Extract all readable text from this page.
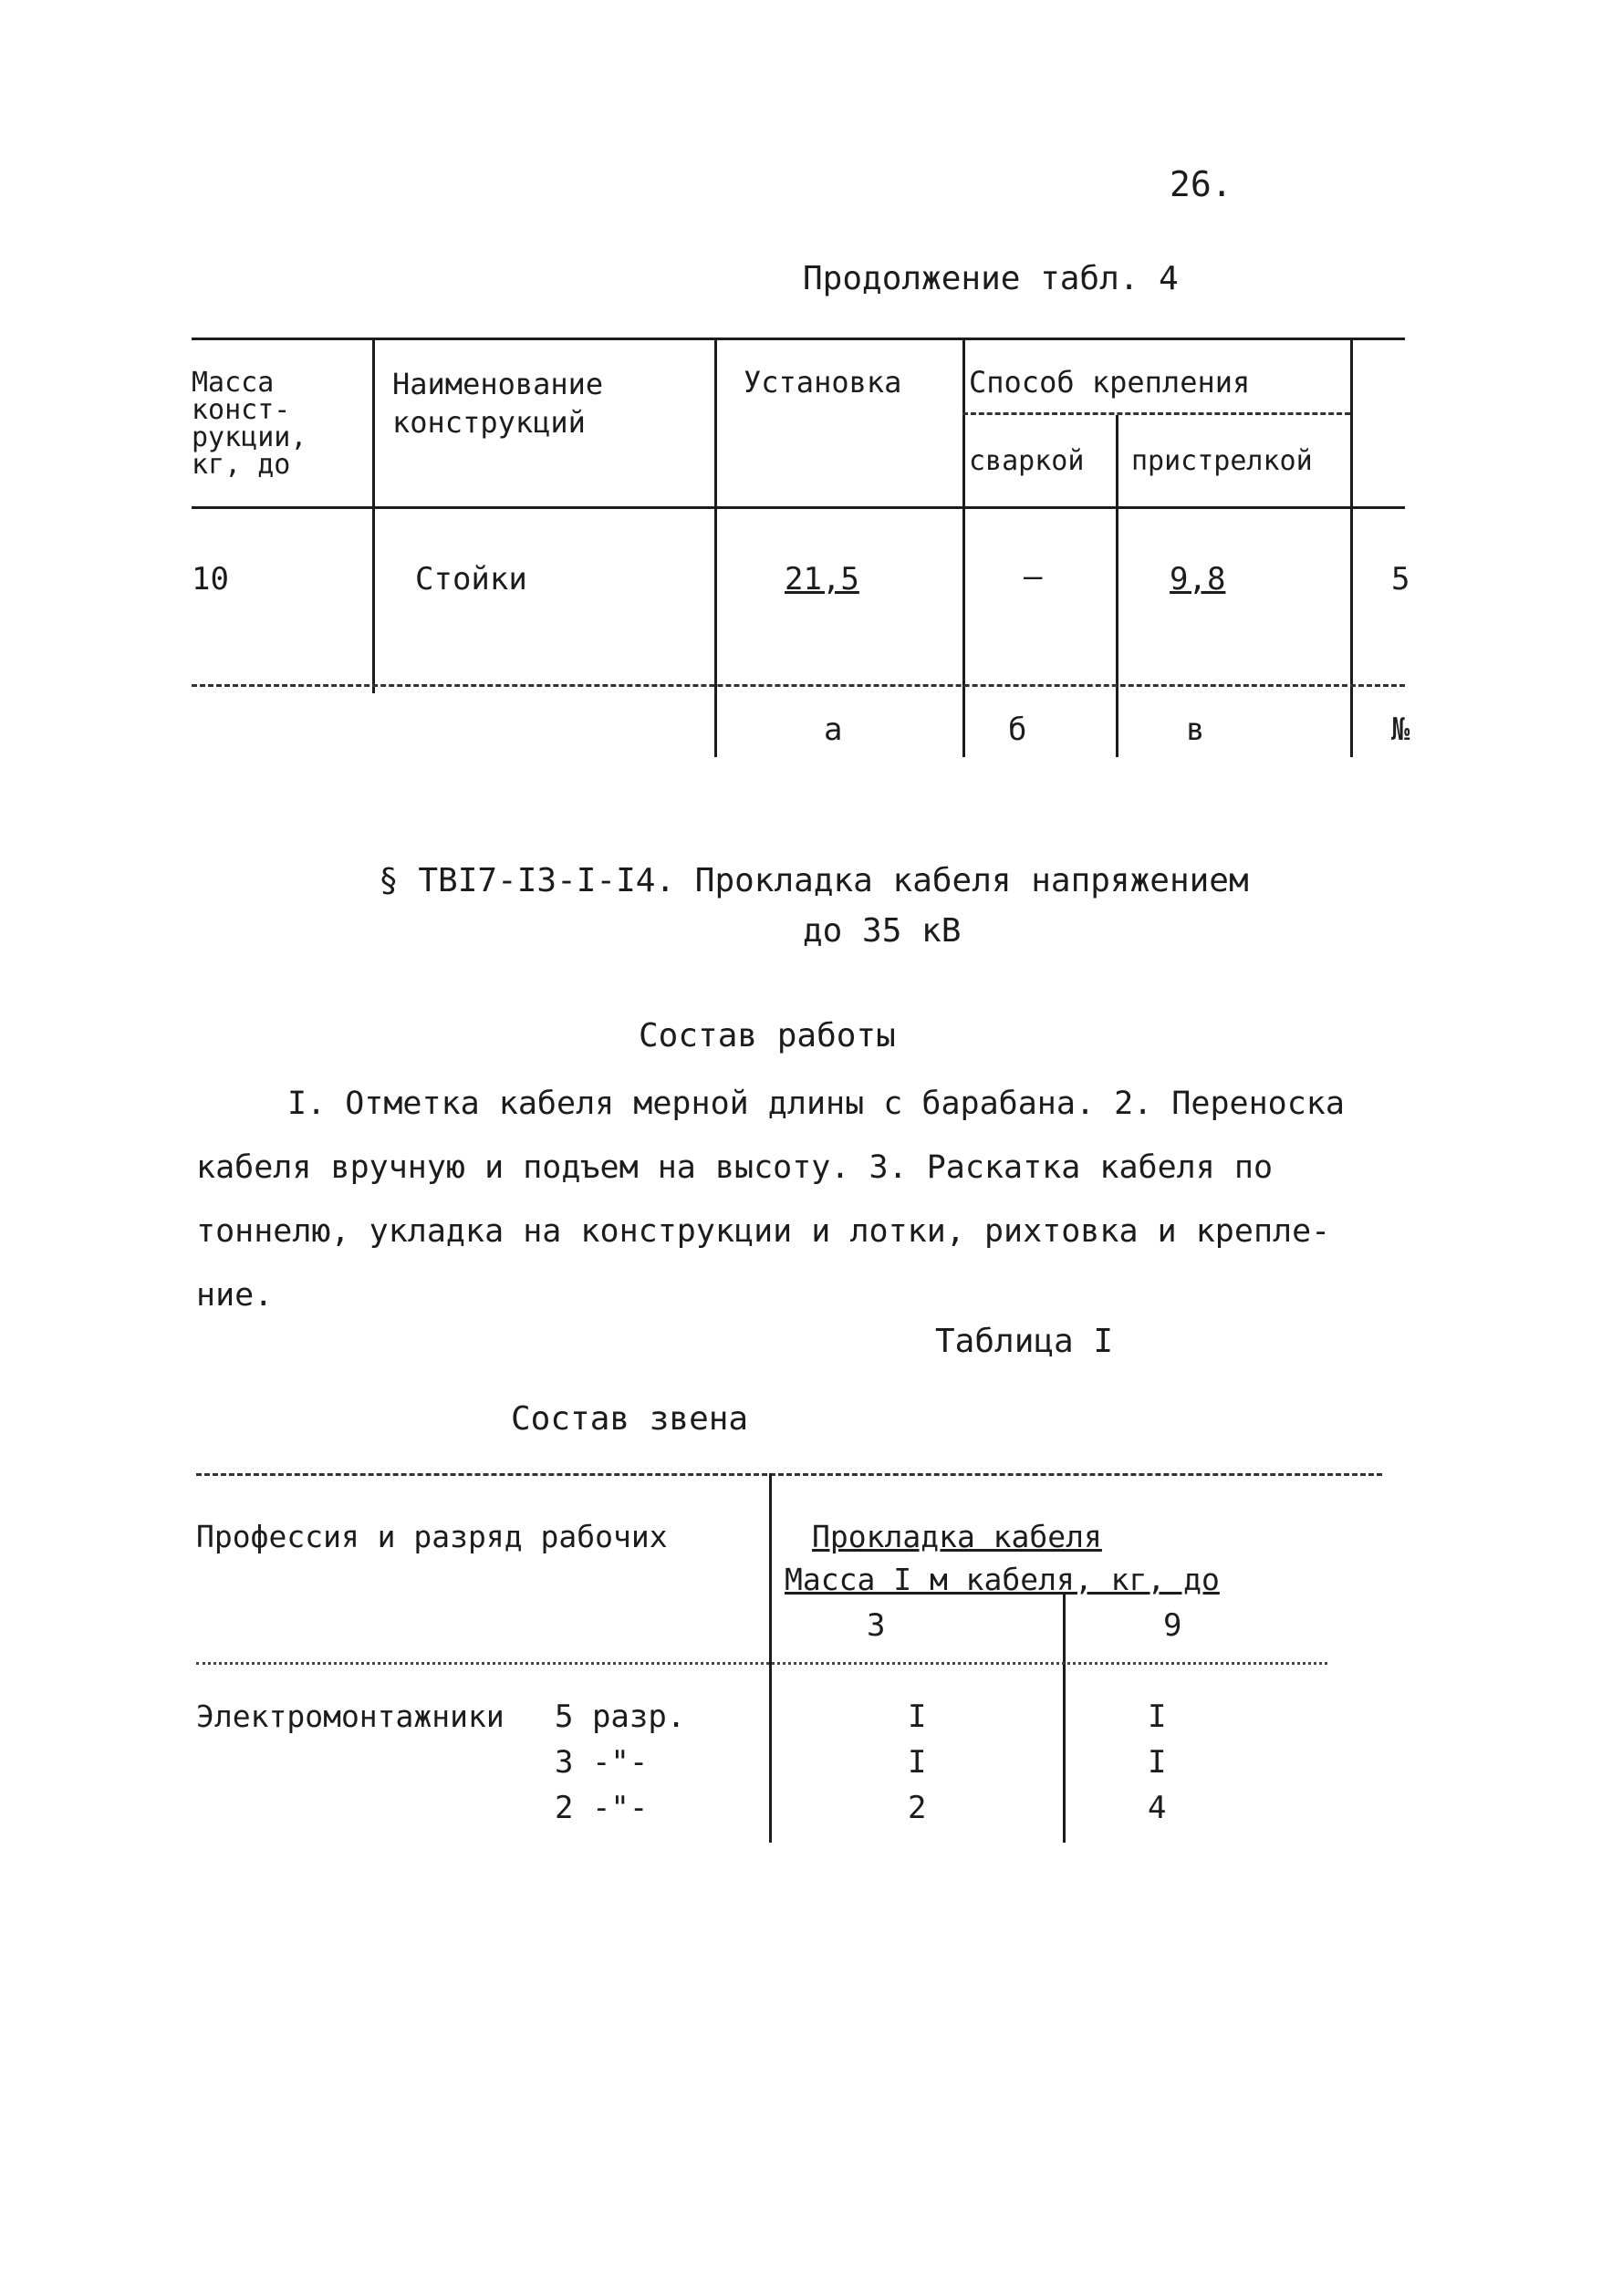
26.
Продолжение табл. 4
Масса
конст-
рукции,
кг, до
Наименование
конструкций
Установка Способ крепления
сваркой пристрелкой
10	Стойки	21,5	–	9,8	5
а	б	в	№
§ ТВI7-I3-I-I4. Прокладка кабеля напряжением
до 35 кВ
Состав работы
I. Отметка кабеля мерной длины с барабана. 2. Переноска
кабеля вручную и подъем на высоту. 3. Раскатка кабеля по
тоннелю, укладка на конструкции и лотки, рихтовка и крепле-
ние.
Таблица I
Состав звена
Профессия и разряд рабочих	Прокладка кабеля
Масса I м кабеля, кг, до
3	9
Электромонтажники 5 разр.	I	I
3 -"-	I	I
2 -"-	2	4
